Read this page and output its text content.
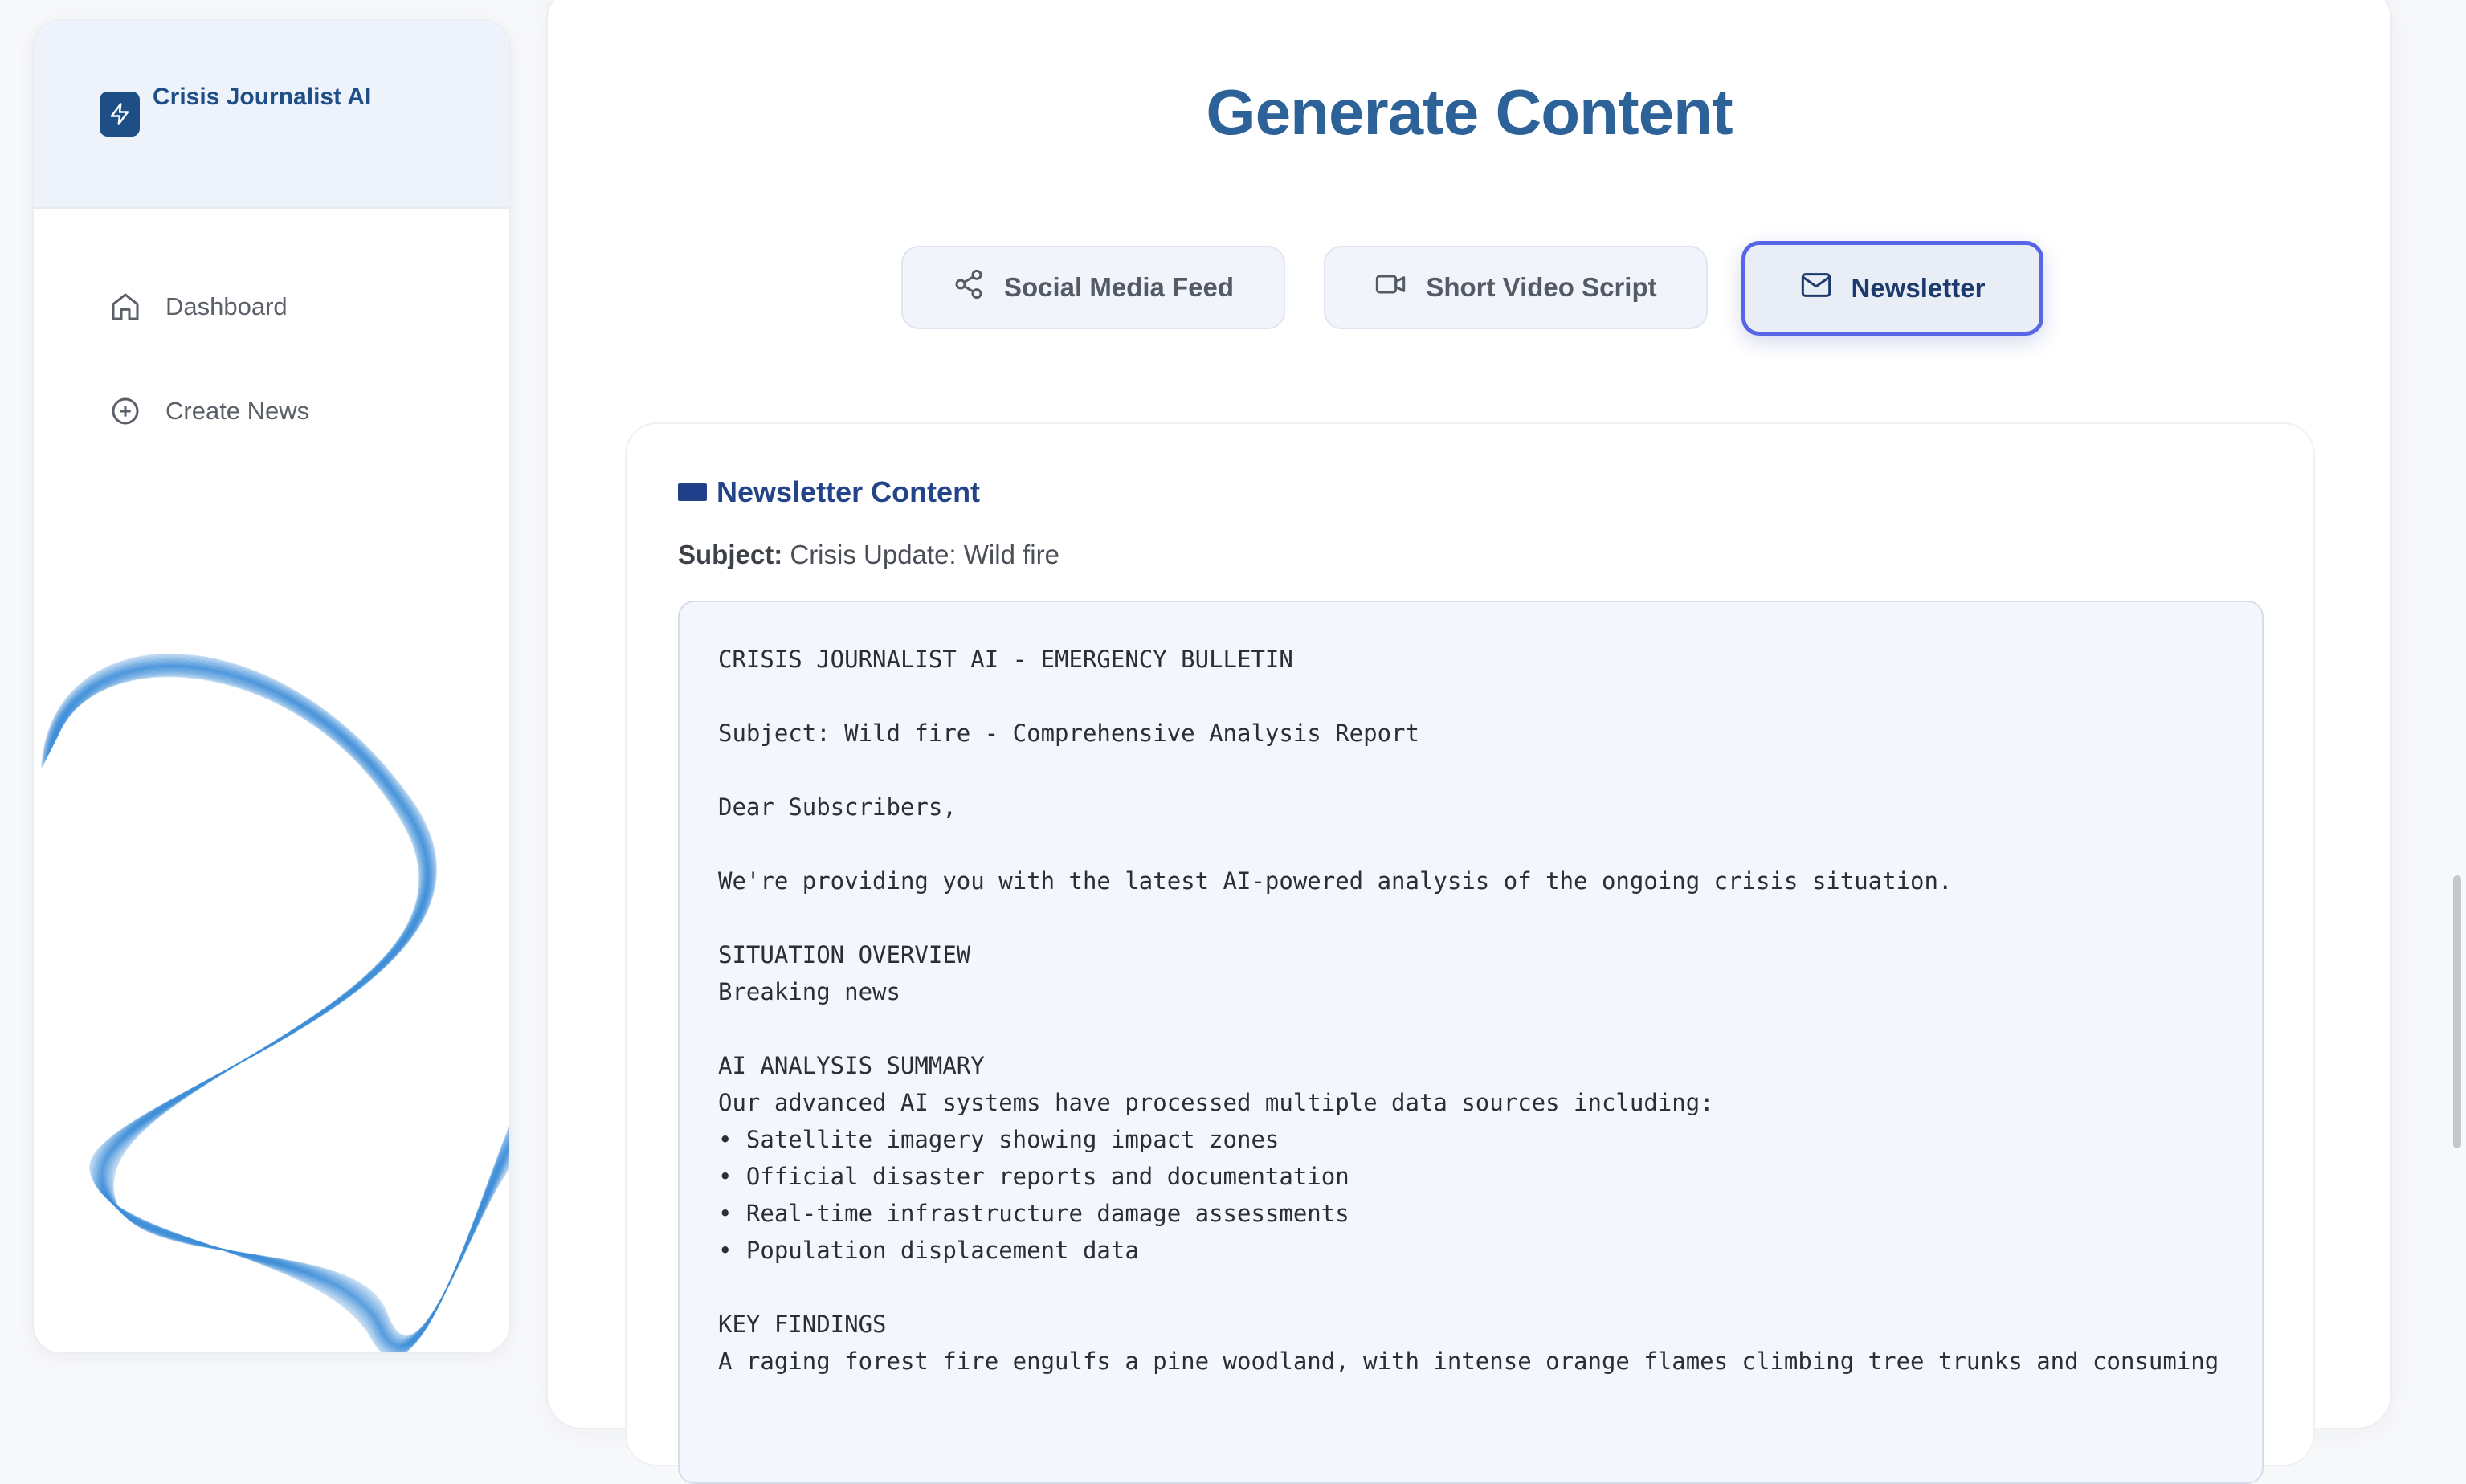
Crisis Journalist AI
Dashboard
Create News
Generate Content
Social Media Feed	Short Video Script	Newsletter
Newsletter Content
Subject: Crisis Update: Wild fire
CRISIS JOURNALIST AI - EMERGENCY BULLETIN

Subject: Wild fire - Comprehensive Analysis Report

Dear Subscribers,

We're providing you with the latest AI-powered analysis of the ongoing crisis situation.

SITUATION OVERVIEW
Breaking news

AI ANALYSIS SUMMARY
Our advanced AI systems have processed multiple data sources including:
• Satellite imagery showing impact zones
• Official disaster reports and documentation
• Real-time infrastructure damage assessments
• Population displacement data

KEY FINDINGS
A raging forest fire engulfs a pine woodland, with intense orange flames climbing tree trunks and consuming
